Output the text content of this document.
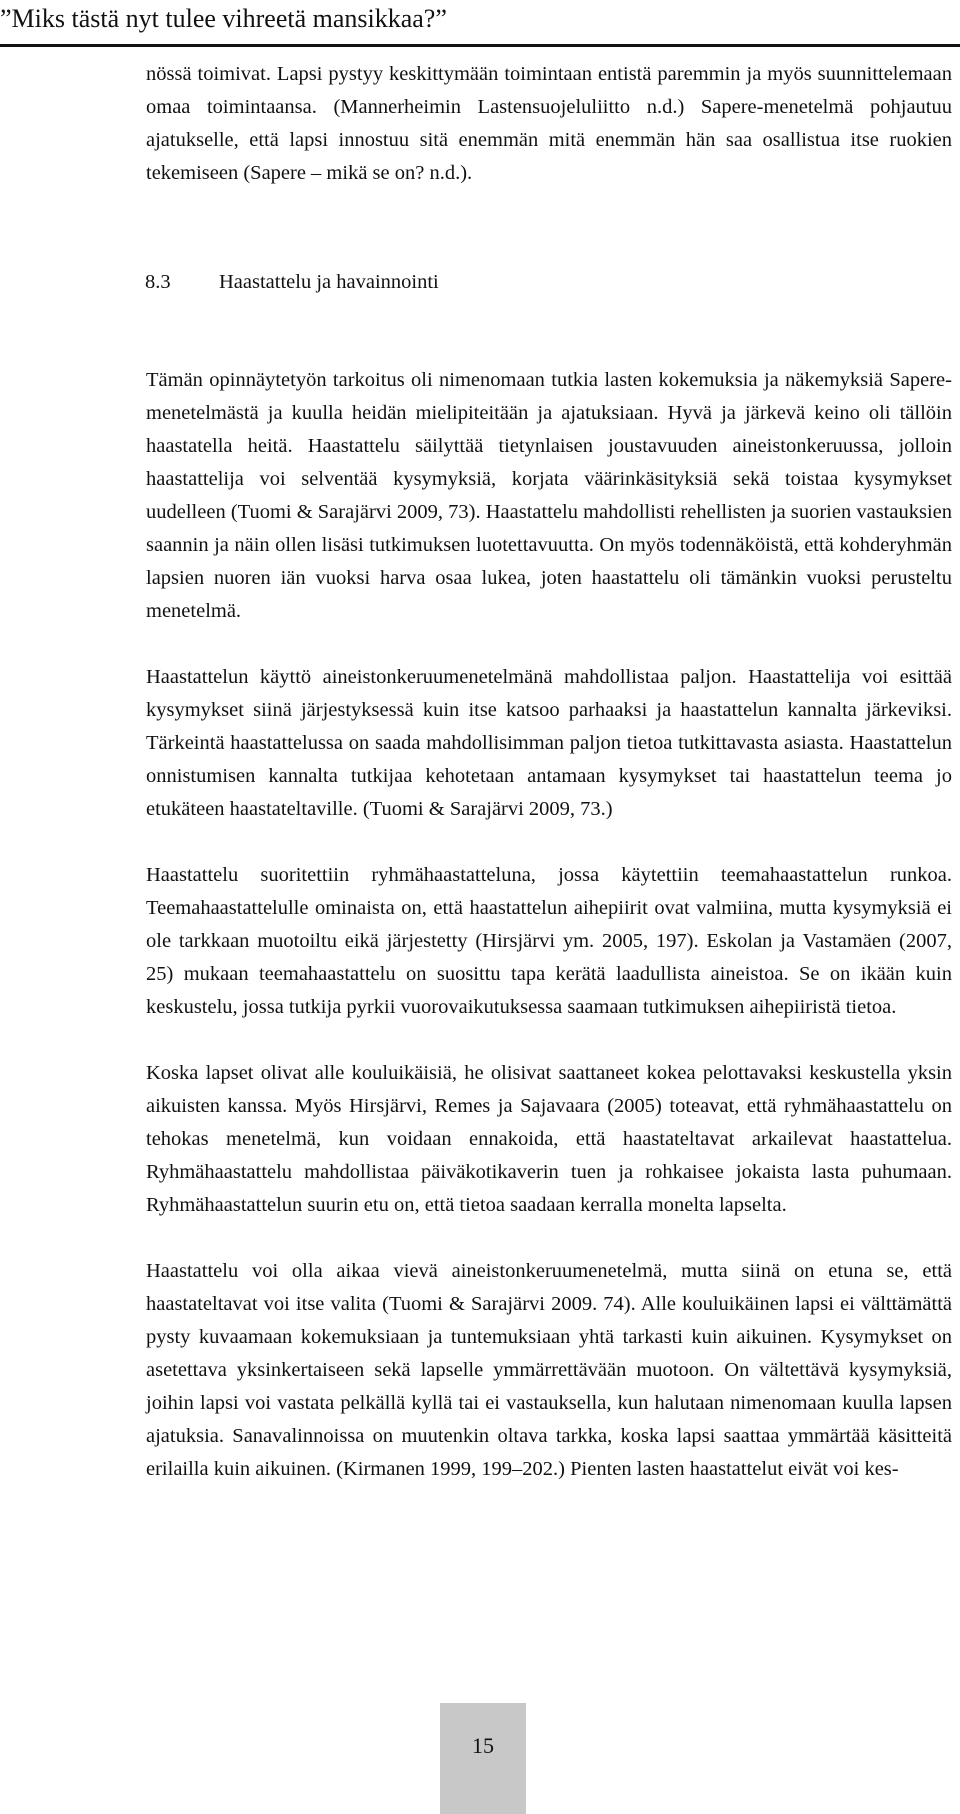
”Miks tästä nyt tulee vihreetä mansikkaa?”

nössä toimivat. Lapsi pystyy keskittymään toimintaan entistä paremmin ja myös suunnittelemaan omaa toimintaansa. (Mannerheimin Lastensuojeluliitto n.d.) Sapere-menetelmä pohjautuu ajatukselle, että lapsi innostuu sitä enemmän mitä enemmän hän saa osallistua itse ruokien tekemiseen (Sapere – mikä se on? n.d.).

8.3 Haastattelu ja havainnointi

Tämän opinnäytetyön tarkoitus oli nimenomaan tutkia lasten kokemuksia ja näkemyksiä Sapere-menetelmästä ja kuulla heidän mielipiteitään ja ajatuksiaan. Hyvä ja järkevä keino oli tällöin haastatella heitä. Haastattelu säilyttää tietynlaisen joustavuuden aineistonkeruussa, jolloin haastattelija voi selventää kysymyksiä, korjata väärinkäsityksiä sekä toistaa kysymykset uudelleen (Tuomi & Sarajärvi 2009, 73). Haastattelu mahdollisti rehellisten ja suorien vastauksien saannin ja näin ollen lisäsi tutkimuksen luotettavuutta. On myös todennäköistä, että kohderyhmän lapsien nuoren iän vuoksi harva osaa lukea, joten haastattelu oli tämänkin vuoksi perusteltu menetelmä.

Haastattelun käyttö aineistonkeruumenetelmänä mahdollistaa paljon. Haastattelija voi esittää kysymykset siinä järjestyksessä kuin itse katsoo parhaaksi ja haastattelun kannalta järkeviksi. Tärkeintä haastattelussa on saada mahdollisimman paljon tietoa tutkittavasta asiasta. Haastattelun onnistumisen kannalta tutkijaa kehotetaan antamaan kysymykset tai haastattelun teema jo etukäteen haastateltaville. (Tuomi & Sarajärvi 2009, 73.)

Haastattelu suoritettiin ryhmähaastatteluna, jossa käytettiin teemahaastattelun runkoa. Teemahaastattelulle ominaista on, että haastattelun aihepiirit ovat valmiina, mutta kysymyksiä ei ole tarkkaan muotoiltu eikä järjestetty (Hirsjärvi ym. 2005, 197). Eskolan ja Vastamäen (2007, 25) mukaan teemahaastattelu on suosittu tapa kerätä laadullista aineistoa. Se on ikään kuin keskustelu, jossa tutkija pyrkii vuorovaikutuksessa saamaan tutkimuksen aihepiiristä tietoa.

Koska lapset olivat alle kouluikäisiä, he olisivat saattaneet kokea pelottavaksi keskustella yksin aikuisten kanssa. Myös Hirsjärvi, Remes ja Sajavaara (2005) toteavat, että ryhmähaastattelu on tehokas menetelmä, kun voidaan ennakoida, että haastateltavat arkailevat haastattelua. Ryhmähaastattelu mahdollistaa päiväkotikaverin tuen ja rohkaisee jokaista lasta puhumaan. Ryhmähaastattelun suurin etu on, että tietoa saadaan kerralla monelta lapselta.

Haastattelu voi olla aikaa vievä aineistonkeruumenetelmä, mutta siinä on etuna se, että haastateltavat voi itse valita (Tuomi & Sarajärvi 2009. 74). Alle kouluikäinen lapsi ei välttämättä pysty kuvaamaan kokemuksiaan ja tuntemuksiaan yhtä tarkasti kuin aikuinen. Kysymykset on asetettava yksinkertaiseen sekä lapselle ymmärrettävään muotoon. On vältettävä kysymyksiä, joihin lapsi voi vastata pelkällä kyllä tai ei vastauksella, kun halutaan nimenomaan kuulla lapsen ajatuksia. Sanavalinnoissa on muutenkin oltava tarkka, koska lapsi saattaa ymmärtää käsitteitä erilailla kuin aikuinen. (Kirmanen 1999, 199–202.) Pienten lasten haastattelut eivät voi kes-

15
